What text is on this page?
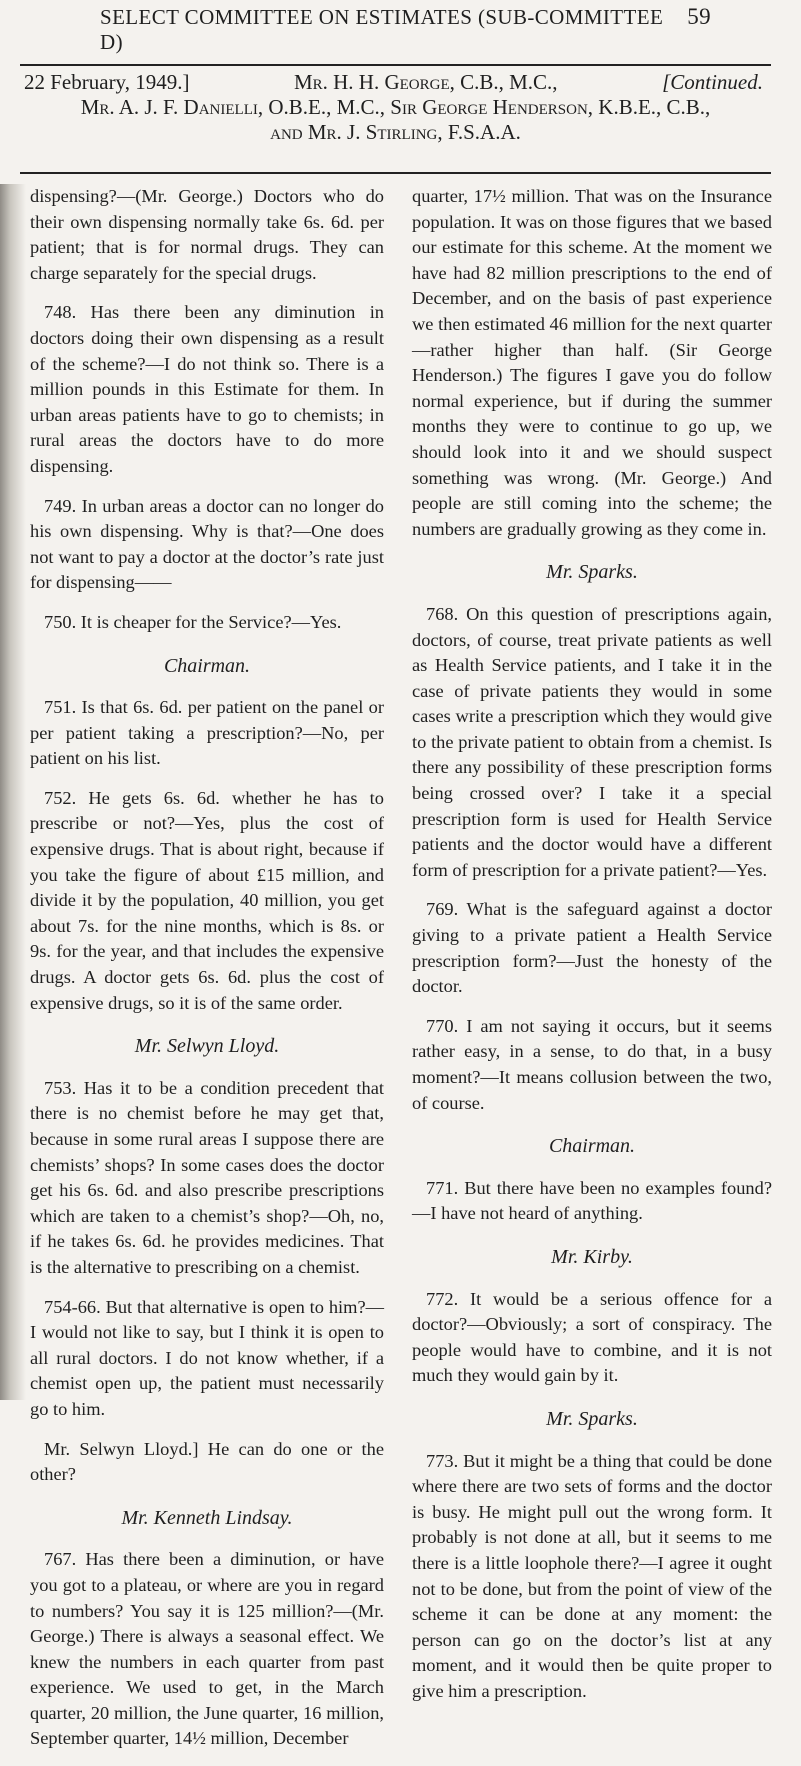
SELECT COMMITTEE ON ESTIMATES (SUB-COMMITTEE D)
59
22 February, 1949.]	Mr. H. H. George, C.B., M.C.,	[Continued.
Mr. A. J. F. Danielli, O.B.E., M.C., Sir George Henderson, K.B.E., C.B.,
and Mr. J. Stirling, F.S.A.A.

dispensing?—(Mr. George.) Doctors who do their own dispensing normally take 6s. 6d. per patient; that is for normal drugs. They can charge separately for the special drugs.

748. Has there been any diminution in doctors doing their own dispensing as a result of the scheme?—I do not think so. There is a million pounds in this Estimate for them. In urban areas patients have to go to chemists; in rural areas the doctors have to do more dispensing.

749. In urban areas a doctor can no longer do his own dispensing. Why is that?—One does not want to pay a doctor at the doctor’s rate just for dispensing——

750. It is cheaper for the Service?—Yes.

Chairman.

751. Is that 6s. 6d. per patient on the panel or per patient taking a prescription?—No, per patient on his list.

752. He gets 6s. 6d. whether he has to prescribe or not?—Yes, plus the cost of expensive drugs. That is about right, because if you take the figure of about £15 million, and divide it by the population, 40 million, you get about 7s. for the nine months, which is 8s. or 9s. for the year, and that includes the expensive drugs. A doctor gets 6s. 6d. plus the cost of expensive drugs, so it is of the same order.

Mr. Selwyn Lloyd.

753. Has it to be a condition precedent that there is no chemist before he may get that, because in some rural areas I suppose there are chemists’ shops? In some cases does the doctor get his 6s. 6d. and also prescribe prescriptions which are taken to a chemist’s shop?—Oh, no, if he takes 6s. 6d. he provides medicines. That is the alternative to prescribing on a chemist.

754-66. But that alternative is open to him?—I would not like to say, but I think it is open to all rural doctors. I do not know whether, if a chemist open up, the patient must necessarily go to him.

Mr. Selwyn Lloyd.] He can do one or the other?

Mr. Kenneth Lindsay.

767. Has there been a diminution, or have you got to a plateau, or where are you in regard to numbers? You say it is 125 million?—(Mr. George.) There is always a seasonal effect. We knew the numbers in each quarter from past experience. We used to get, in the March quarter, 20 million, the June quarter, 16 million, September quarter, 14½ million, December

quarter, 17½ million. That was on the Insurance population. It was on those figures that we based our estimate for this scheme. At the moment we have had 82 million prescriptions to the end of December, and on the basis of past experience we then estimated 46 million for the next quarter—rather higher than half. (Sir George Henderson.) The figures I gave you do follow normal experience, but if during the summer months they were to continue to go up, we should look into it and we should suspect something was wrong. (Mr. George.) And people are still coming into the scheme; the numbers are gradually growing as they come in.

Mr. Sparks.

768. On this question of prescriptions again, doctors, of course, treat private patients as well as Health Service patients, and I take it in the case of private patients they would in some cases write a prescription which they would give to the private patient to obtain from a chemist. Is there any possibility of these prescription forms being crossed over? I take it a special prescription form is used for Health Service patients and the doctor would have a different form of prescription for a private patient?—Yes.

769. What is the safeguard against a doctor giving to a private patient a Health Service prescription form?—Just the honesty of the doctor.

770. I am not saying it occurs, but it seems rather easy, in a sense, to do that, in a busy moment?—It means collusion between the two, of course.

Chairman.

771. But there have been no examples found?—I have not heard of anything.

Mr. Kirby.

772. It would be a serious offence for a doctor?—Obviously; a sort of conspiracy. The people would have to combine, and it is not much they would gain by it.

Mr. Sparks.

773. But it might be a thing that could be done where there are two sets of forms and the doctor is busy. He might pull out the wrong form. It probably is not done at all, but it seems to me there is a little loophole there?—I agree it ought not to be done, but from the point of view of the scheme it can be done at any moment: the person can go on the doctor’s list at any moment, and it would then be quite proper to give him a prescription.
